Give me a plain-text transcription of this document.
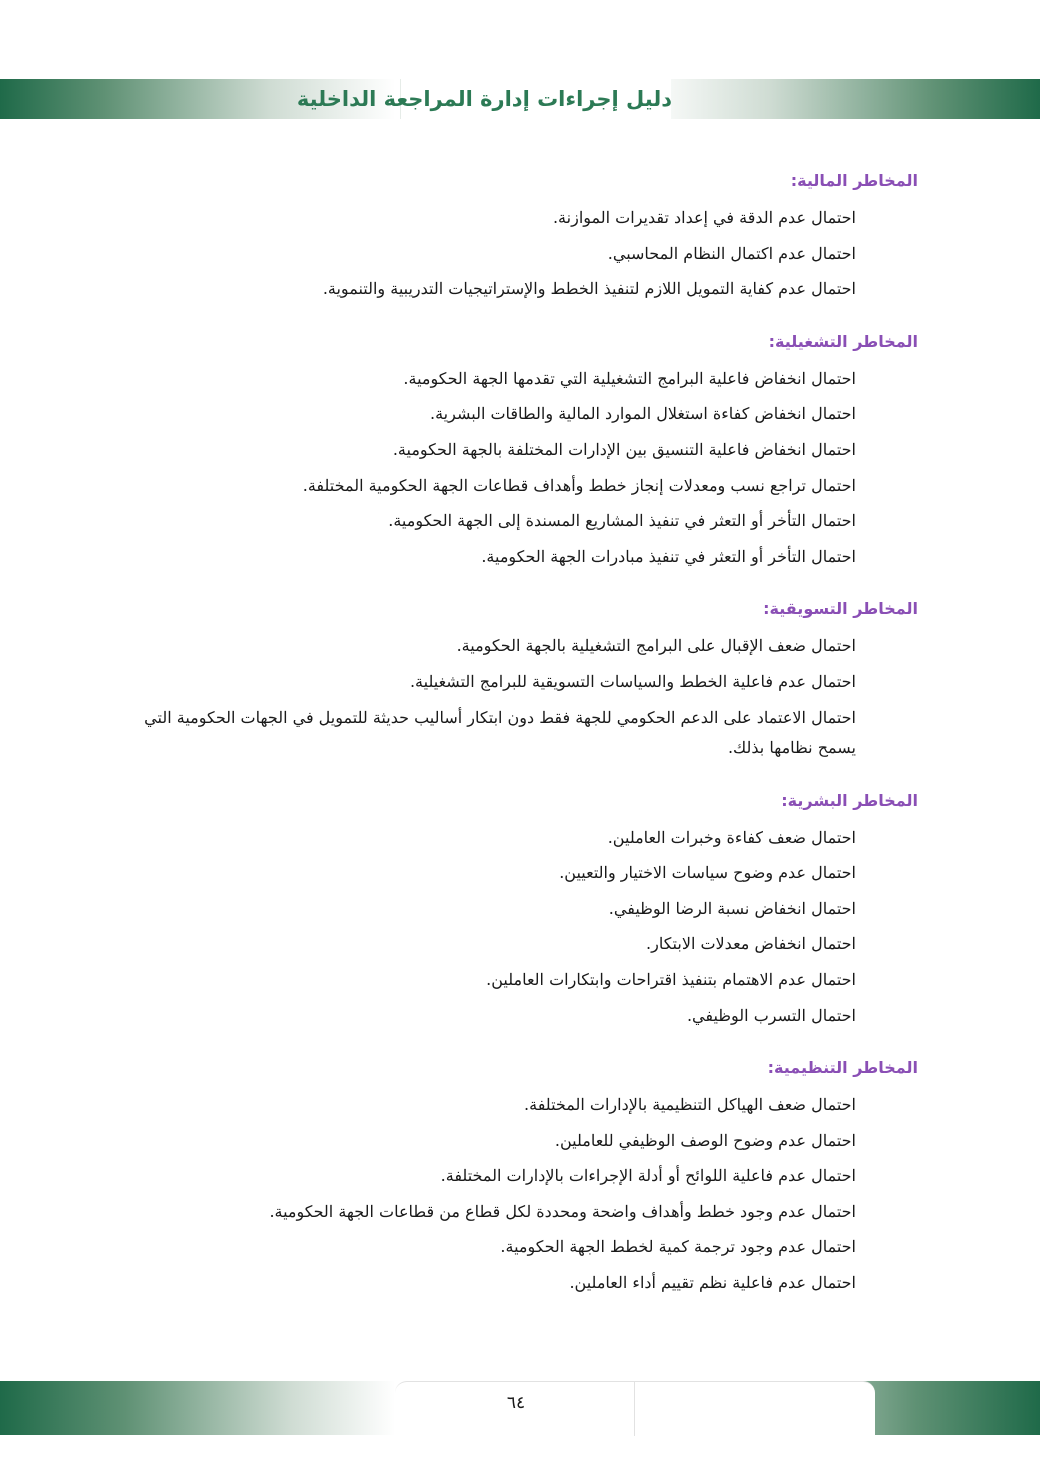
دليل إجراءات إدارة المراجعة الداخلية
المخاطر المالية:
احتمال عدم الدقة في إعداد تقديرات الموازنة.
احتمال عدم اكتمال النظام المحاسبي.
احتمال عدم كفاية التمويل اللازم لتنفيذ الخطط والإستراتيجيات التدريبية والتنموية.
المخاطر التشغيلية:
احتمال انخفاض فاعلية البرامج التشغيلية التي تقدمها الجهة الحكومية.
احتمال انخفاض كفاءة استغلال الموارد المالية والطاقات البشرية.
احتمال انخفاض فاعلية التنسيق بين الإدارات المختلفة بالجهة الحكومية.
احتمال تراجع نسب ومعدلات إنجاز خطط وأهداف قطاعات الجهة الحكومية المختلفة.
احتمال التأخر أو التعثر في تنفيذ المشاريع المسندة إلى الجهة الحكومية.
احتمال التأخر أو التعثر في تنفيذ مبادرات الجهة الحكومية.
المخاطر التسويقية:
احتمال ضعف الإقبال على البرامج التشغيلية بالجهة الحكومية.
احتمال عدم فاعلية الخطط والسياسات التسويقية للبرامج التشغيلية.
احتمال الاعتماد على الدعم الحكومي للجهة فقط دون ابتكار أساليب حديثة للتمويل في الجهات الحكومية التي يسمح نظامها بذلك.
المخاطر البشرية:
احتمال ضعف كفاءة وخبرات العاملين.
احتمال عدم وضوح سياسات الاختيار والتعيين.
احتمال انخفاض نسبة الرضا الوظيفي.
احتمال انخفاض معدلات الابتكار.
احتمال عدم الاهتمام بتنفيذ اقتراحات وابتكارات العاملين.
احتمال التسرب الوظيفي.
المخاطر التنظيمية:
احتمال ضعف الهياكل التنظيمية بالإدارات المختلفة.
احتمال عدم وضوح الوصف الوظيفي للعاملين.
احتمال عدم فاعلية اللوائح أو أدلة الإجراءات بالإدارات المختلفة.
احتمال عدم وجود خطط وأهداف واضحة ومحددة لكل قطاع من قطاعات الجهة الحكومية.
احتمال عدم وجود ترجمة كمية لخطط الجهة الحكومية.
احتمال عدم فاعلية نظم تقييم أداء العاملين.
٦٤
